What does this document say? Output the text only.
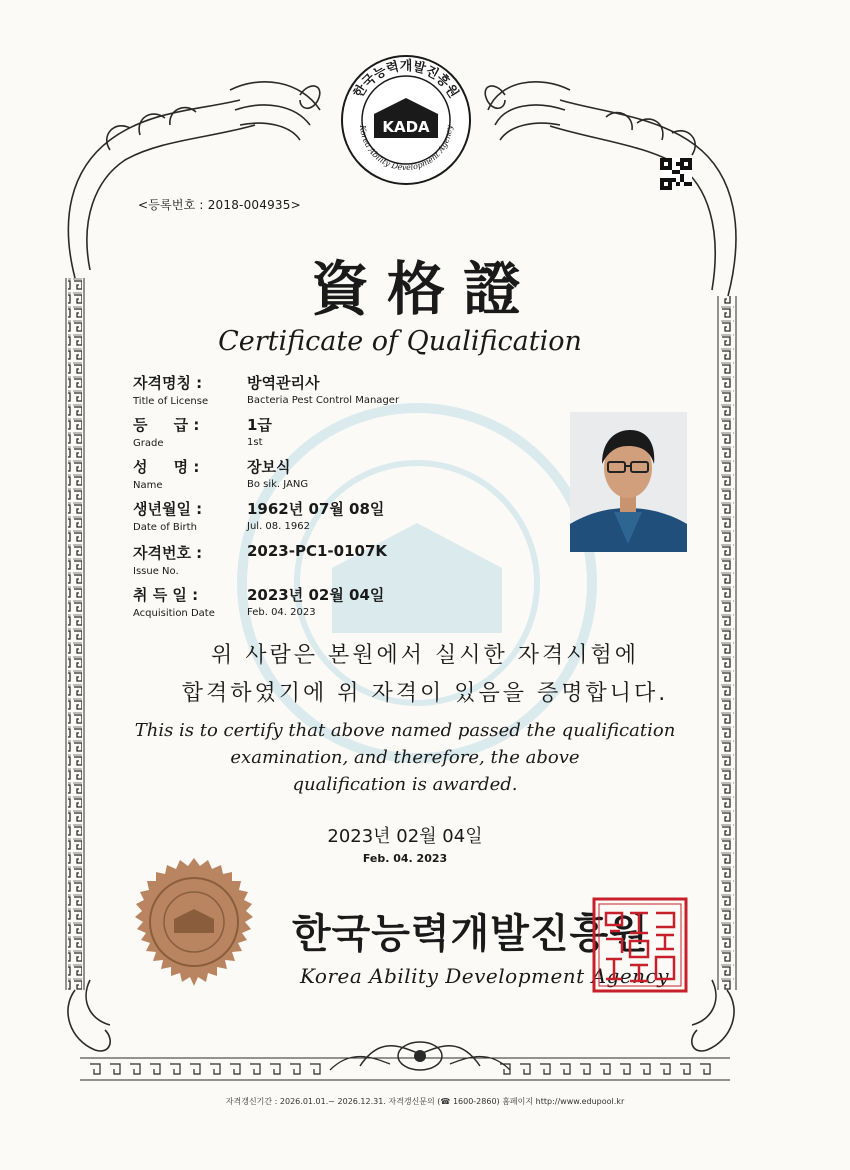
KADA
한국능력개발진흥원
Korea Ability Development Agency
<등록번호 : 2018-004935>
資格證
Certificate of Qualification
자격명칭 :
Title of License
방역관리사
Bacteria Pest Control Manager
등     급 :
Grade
1급
1st
성     명 :
Name
장보식
Bo sik. JANG
생년월일 :
Date of Birth
1962년 07월 08일
Jul. 08. 1962
자격번호 :
Issue No.
2023-PC1-0107K
취 득 일 :
Acquisition Date
2023년 02월 04일
Feb. 04. 2023
위 사람은 본원에서 실시한 자격시험에
합격하였기에 위 자격이 있음을 증명합니다.
This is to certify that above named passed the qualification
examination, and therefore, the above
qualification is awarded.
2023년 02월 04일
Feb. 04. 2023
한국능력개발진흥원
Korea Ability Development Agency
자격갱신기간 : 2026.01.01.~ 2026.12.31. 자격갱신문의 (☎ 1600-2860) 홈페이지 http://www.edupool.kr
